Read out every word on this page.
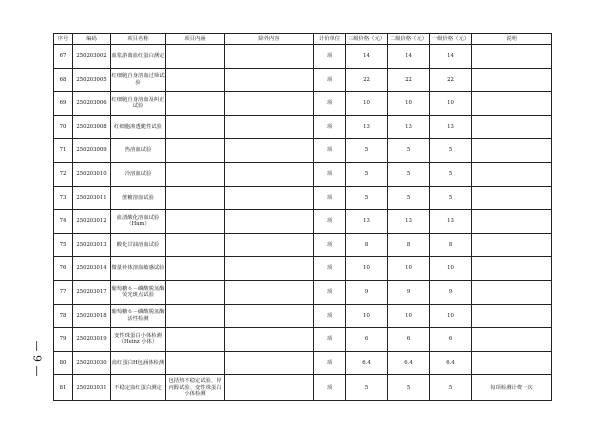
序号	编码	项目名称	项目内涵	除外内容	计价单位	三级价格（元）	二级价格（元）	一级价格（元）	说明
67	250203002	血浆游离血红蛋白测定			项	14	14	14	
68	250203005	红细胞自身溶血过筛试验			项	22	22	22	
69	250203006	红细胞自身溶血及纠正试验			项	10	10	10	
70	250203008	红细胞渗透脆性试验			项	13	13	13	
71	250203009	热溶血试验			项	5	5	5	
72	250203010	冷溶血试验			项	5	5	5	
73	250203011	蔗糖溶血试验			项	5	5	5	
74	250203012	血清酸化溶血试验（Ham）			项	13	13	13	
75	250203013	酸化甘油溶血试验			项	8	8	8	
76	250203014	微量补体溶血敏感试验			项	10	10	10	
77	250203017	葡萄糖６－磷酸脱氢酶荧光斑点试验			项	9	9	9	
78	250203018	葡萄糖６－磷酸脱氢酶活性检测			项	10	10	10	
79	250203019	变性珠蛋白小体检测（Heinz 小体）			项	6	6	6	
80	250203030	血红蛋白H包涵体检测			项	6.4	6.4	6.4	
81	250203031	不稳定血红蛋白测定	包括热不稳定试验、异丙醇试验、变性珠蛋白小体检测		项	5	5	5	每项检测计费一次
— 9 —
